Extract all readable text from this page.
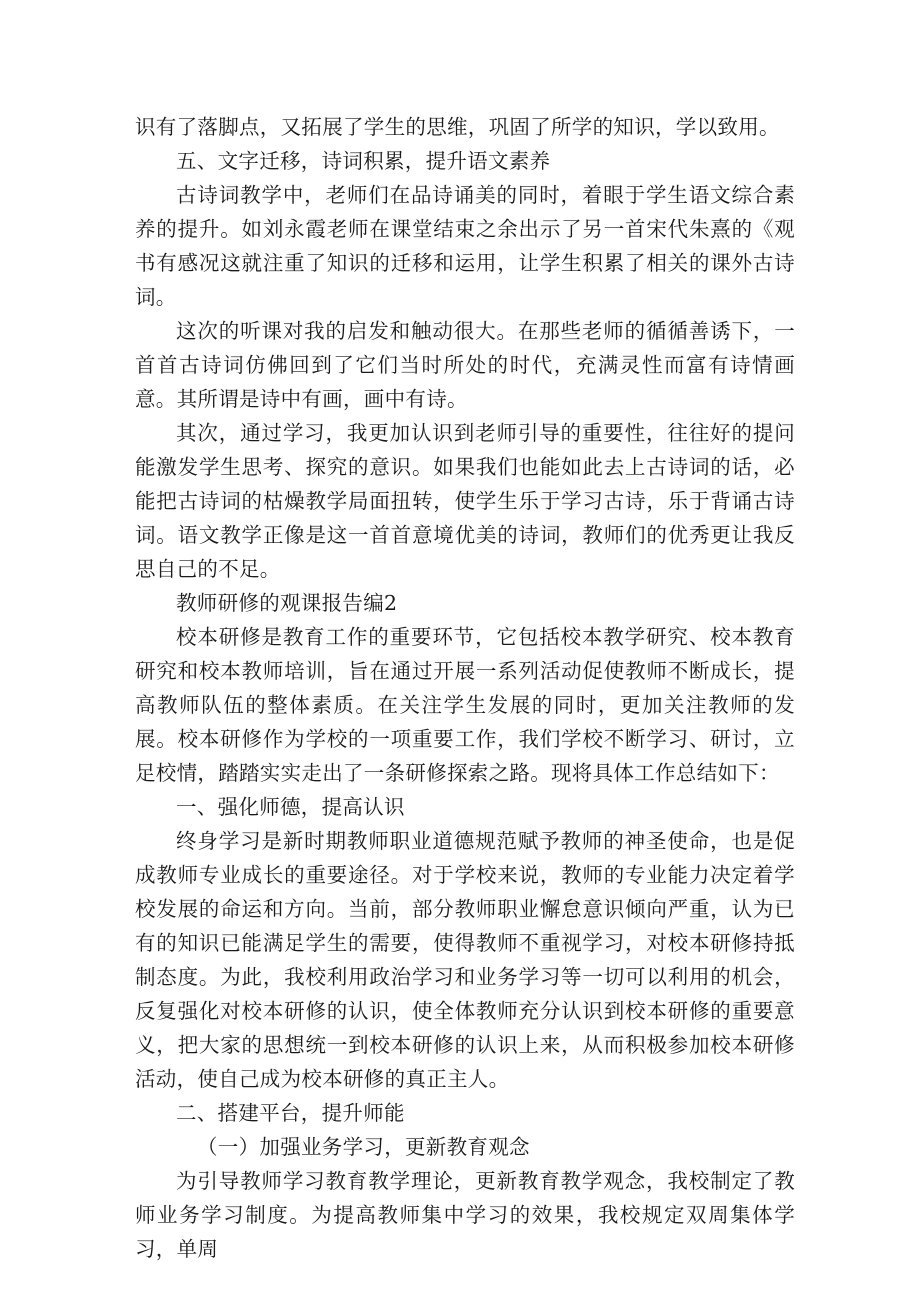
识有了落脚点，又拓展了学生的思维，巩固了所学的知识，学以致用。

五、文字迁移，诗词积累，提升语文素养

古诗词教学中，老师们在品诗诵美的同时，着眼于学生语文综合素养的提升。如刘永霞老师在课堂结束之余出示了另一首宋代朱熹的《观书有感况这就注重了知识的迁移和运用，让学生积累了相关的课外古诗词。

这次的听课对我的启发和触动很大。在那些老师的循循善诱下，一首首古诗词仿佛回到了它们当时所处的时代，充满灵性而富有诗情画意。其所谓是诗中有画，画中有诗。

其次，通过学习，我更加认识到老师引导的重要性，往往好的提问能激发学生思考、探究的意识。如果我们也能如此去上古诗词的话，必能把古诗词的枯燥教学局面扭转，使学生乐于学习古诗，乐于背诵古诗词。语文教学正像是这一首首意境优美的诗词，教师们的优秀更让我反思自己的不足。

教师研修的观课报告编2

校本研修是教育工作的重要环节，它包括校本教学研究、校本教育研究和校本教师培训，旨在通过开展一系列活动促使教师不断成长，提高教师队伍的整体素质。在关注学生发展的同时，更加关注教师的发展。校本研修作为学校的一项重要工作，我们学校不断学习、研讨，立足校情，踏踏实实走出了一条研修探索之路。现将具体工作总结如下：

一、强化师德，提高认识

终身学习是新时期教师职业道德规范赋予教师的神圣使命，也是促成教师专业成长的重要途径。对于学校来说，教师的专业能力决定着学校发展的命运和方向。当前，部分教师职业懈怠意识倾向严重，认为已有的知识已能满足学生的需要，使得教师不重视学习，对校本研修持抵制态度。为此，我校利用政治学习和业务学习等一切可以利用的机会，反复强化对校本研修的认识，使全体教师充分认识到校本研修的重要意义，把大家的思想统一到校本研修的认识上来，从而积极参加校本研修活动，使自己成为校本研修的真正主人。

二、搭建平台，提升师能

（一）加强业务学习，更新教育观念

为引导教师学习教育教学理论，更新教育教学观念，我校制定了教师业务学习制度。为提高教师集中学习的效果，我校规定双周集体学习，单周
